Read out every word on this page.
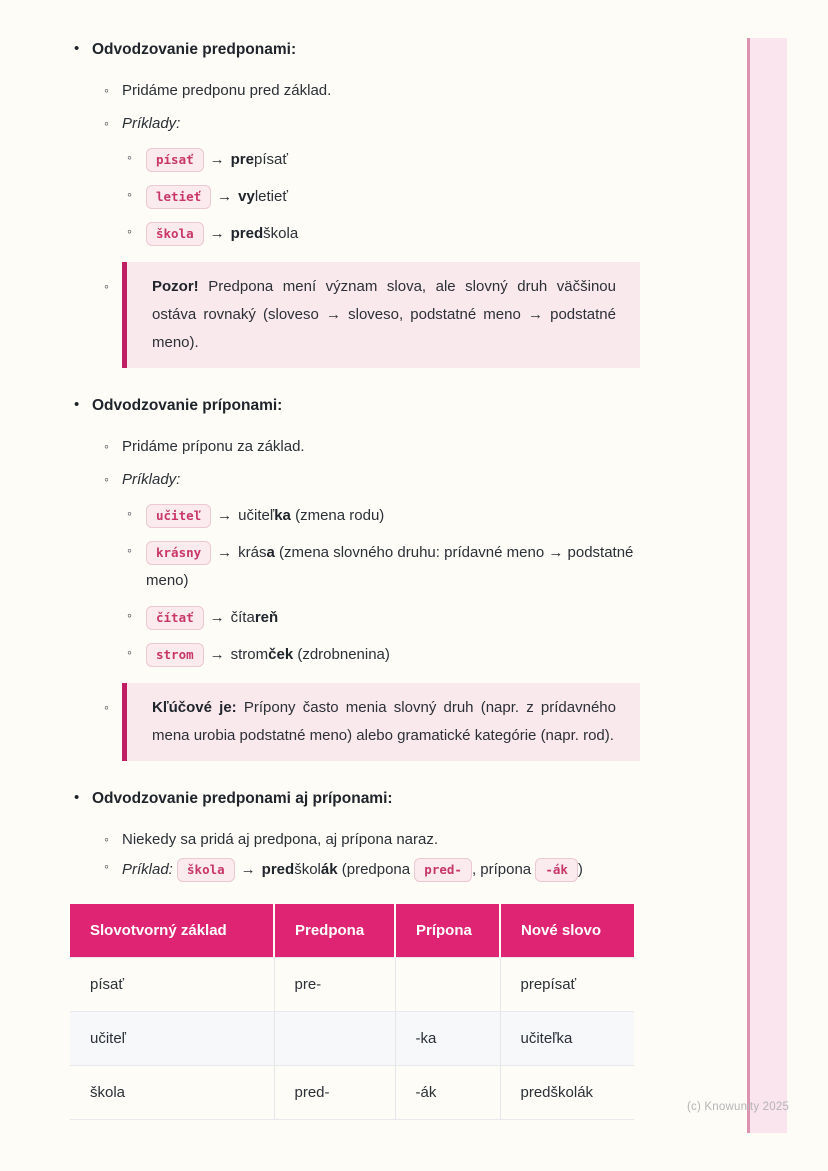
(c) Knowunity 2025
• Odvodzovanie predponami:
◦ Pridáme predponu pred základ.
◦ Príklady:
◦	písať → prepísať
◦	letieť → vyletieť
◦	škola → predškola
◦	Pozor! Predpona mení význam slova, ale slovný druh väčšinou ostáva rovnaký (sloveso → sloveso, podstatné meno → podstatné meno).
• Odvodzovanie príponami:
◦ Pridáme príponu za základ.
◦ Príklady:
◦	učiteľ → učiteľka (zmena rodu)
◦	krásny → krása (zmena slovného druhu: prídavné meno → podstatné meno)
◦	čítať → čítareň
◦	strom → stromček (zdrobnenina)
◦	Kľúčové je: Prípony často menia slovný druh (napr. z prídavného mena urobia podstatné meno) alebo gramatické kategórie (napr. rod).
• Odvodzovanie predponami aj príponami:
◦ Niekedy sa pridá aj predpona, aj prípona naraz.
◦ Príklad: škola → predškolák (predpona pred- , prípona -ák )
Slovotvorný základ	Predpona	Prípona	Nové slovo
písať	pre-		prepísať
učiteľ		-ka	učiteľka
škola	pred-	-ák	predškolák
